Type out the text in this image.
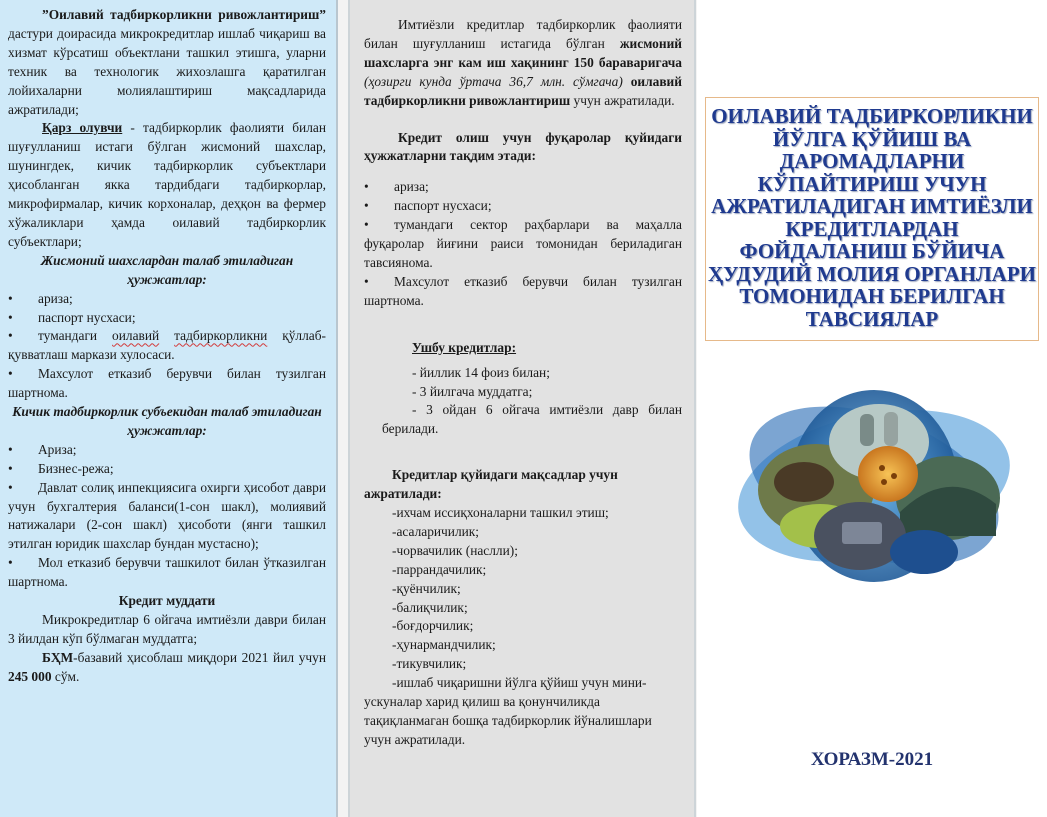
”Оилавий тадбиркорликни ривожлантириш” дастури доирасида микрокредитлар ишлаб чиқариш ва хизмат кўрсатиш объектлани ташкил этишга, уларни техник ва технологик жихозлашга қаратилган лойихаларни молиялаштириш мақсадларида ажратилади;

Қарз олувчи - тадбиркорлик фаолияти билан шуғулланиш истаги бўлган жисмоний шахслар, шунингдек, кичик тадбиркорлик субъектлари ҳисобланган якка тардибдаги тадбиркорлар, микрофирмалар, кичик корхоналар, деҳқон ва фермер хўжаликлари ҳамда оилавий тадбиркорлик субъектлари;

Жисмоний шахслардан талаб этиладиган ҳужжатлар:

•	ариза;
•	паспорт нусхаси;
• тумандаги оилавий тадбиркорликни қўллаб-қувватлаш маркази хулосаси.
• Махсулот етказиб берувчи билан тузилган шартнома.

Кичик тадбиркорлик субъекидан талаб этиладиган ҳужжатлар:

•	Ариза;
•	Бизнес-режа;
• Давлат солиқ инпекциясига охирги ҳисобот даври учун бухгалтерия баланси(1-сон шакл), молиявий натижалари (2-сон шакл) ҳисоботи (янги ташкил этилган юридик шахслар бундан мустасно);
• Мол етказиб берувчи ташкилот билан ўтказилган шартнома.

Кредит муддати

Микрокредитлар 6 ойгача имтиёзли даври билан 3 йилдан кўп бўлмаган муддатга;

БҲМ-базавий ҳисоблаш миқдори 2021 йил учун 245 000 сўм.

Имтиёзли кредитлар тадбиркорлик фаолияти билан шуғулланиш истагида бўлган жисмоний шахсларга энг кам иш хақининг 150 бараваригача (ҳозирги кунда ўртача 36,7 млн. сўмгача) оилавий тадбиркорликни ривожлантириш учун ажратилади.

Кредит олиш учун фуқаролар қуйидаги ҳужжатларни тақдим этади:

•	ариза;
•	паспорт нусхаси;
• тумандаги сектор раҳбарлари ва маҳалла фуқаролар йиғини раиси томонидан бериладиган тавсиянома.
• Махсулот етказиб берувчи билан тузилган шартнома.

Ушбу кредитлар:

- йиллик 14 фоиз билан;

- 3 йилгача муддатга;

- 3 ойдан 6 ойгача имтиёзли давр билан берилади.

Кредитлар қуйидаги мақсадлар учун ажратилади:

-ихчам иссиқхоналарни ташкил этиш;

-асаларичилик;

-чорвачилик (наслли);

-паррандачилик;

-қуёнчилик;

-балиқчилик;

-боғдорчилик;

-ҳунармандчилик;

-тикувчилик;

-ишлаб чиқаришни йўлга қўйиш учун мини-ускуналар харид қилиш ва қонунчиликда тақиқланмаган бошқа тадбиркорлик йўналишлари учун ажратилади.

ОИЛАВИЙ ТАДБИРКОРЛИКНИ
ЙЎЛГА ҚЎЙИШ ВА
ДАРОМАДЛАРНИ
КЎПАЙТИРИШ УЧУН
АЖРАТИЛАДИГАН ИМТИЁЗЛИ
КРЕДИТЛАРДАН
ФОЙДАЛАНИШ БЎЙИЧА
ҲУДУДИЙ МОЛИЯ ОРГАНЛАРИ
ТОМОНИДАН БЕРИЛГАН
ТАВСИЯЛАР
ХОРАЗМ-2021
